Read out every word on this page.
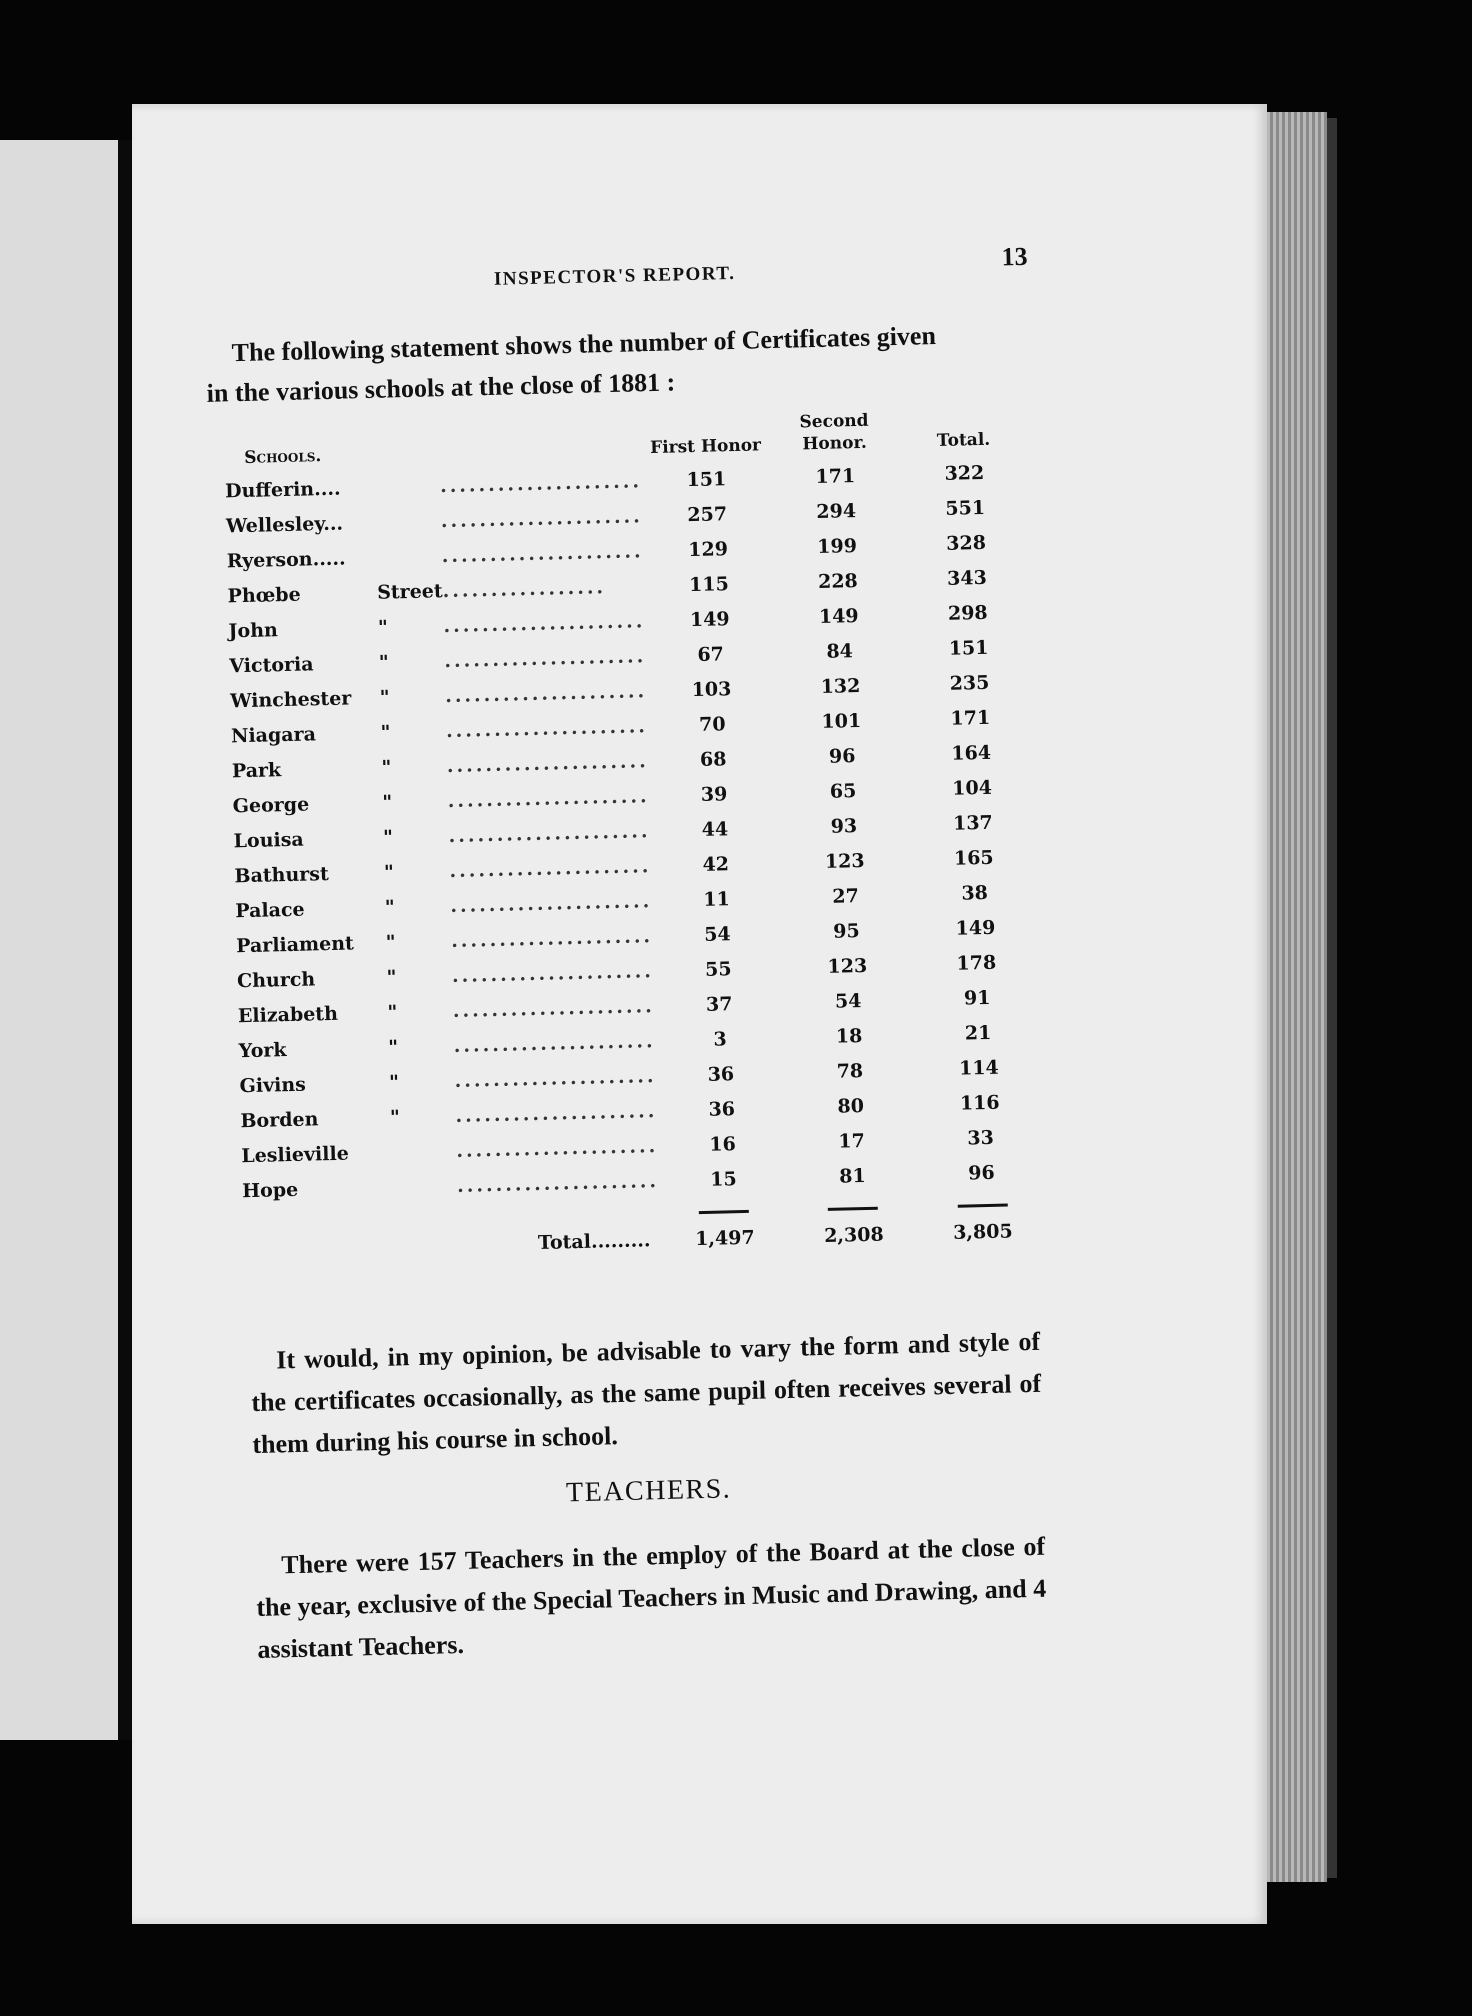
INSPECTOR'S REPORT.
13
The following statement shows the number of Certificates given
in the various schools at the close of 1881 :
Schools.			First Honor	Second Honor.	Total.
Dufferin....		.....................	151	171	322
Wellesley...		.....................	257	294	551
Ryerson.....		.....................	129	199	328
Phœbe	Street	.................	115	228	343
John	"	.....................	149	149	298
Victoria	"	.....................	67	84	151
Winchester	"	.....................	103	132	235
Niagara	"	.....................	70	101	171
Park	"	.....................	68	96	164
George	"	.....................	39	65	104
Louisa	"	.....................	44	93	137
Bathurst	"	.....................	42	123	165
Palace	"	.....................	11	27	38
Parliament	"	.....................	54	95	149
Church	"	.....................	55	123	178
Elizabeth	"	.....................	37	54	91
York	"	.....................	3	18	21
Givins	"	.....................	36	78	114
Borden	"	.....................	36	80	116
Leslieville		.....................	16	17	33
Hope		.....................	15	81	96

Total.........			1,497	2,308	3,805
It would, in my opinion, be advisable to vary the form and style of the certificates occasionally, as the same pupil often receives several of them during his course in school.
TEACHERS.
There were 157 Teachers in the employ of the Board at the close of the year, exclusive of the Special Teachers in Music and Drawing, and 4 assistant Teachers.
